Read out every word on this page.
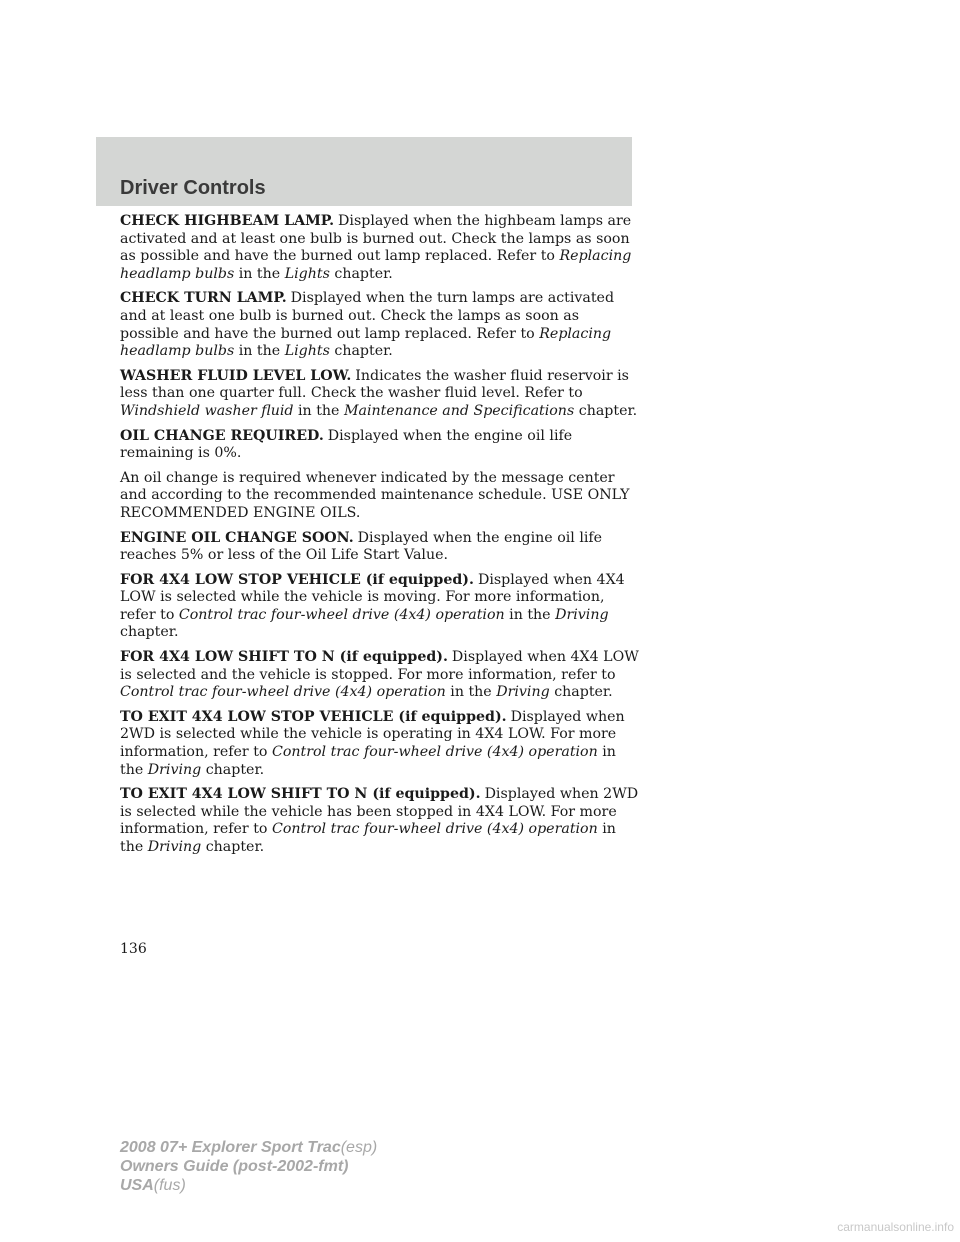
Driver Controls

CHECK HIGHBEAM LAMP. Displayed when the highbeam lamps are activated and at least one bulb is burned out. Check the lamps as soon as possible and have the burned out lamp replaced. Refer to Replacing headlamp bulbs in the Lights chapter.

CHECK TURN LAMP. Displayed when the turn lamps are activated and at least one bulb is burned out. Check the lamps as soon as possible and have the burned out lamp replaced. Refer to Replacing headlamp bulbs in the Lights chapter.

WASHER FLUID LEVEL LOW. Indicates the washer fluid reservoir is less than one quarter full. Check the washer fluid level. Refer to Windshield washer fluid in the Maintenance and Specifications chapter.

OIL CHANGE REQUIRED. Displayed when the engine oil life remaining is 0%.

An oil change is required whenever indicated by the message center and according to the recommended maintenance schedule. USE ONLY RECOMMENDED ENGINE OILS.

ENGINE OIL CHANGE SOON. Displayed when the engine oil life reaches 5% or less of the Oil Life Start Value.

FOR 4X4 LOW STOP VEHICLE (if equipped). Displayed when 4X4 LOW is selected while the vehicle is moving. For more information, refer to Control trac four-wheel drive (4x4) operation in the Driving chapter.

FOR 4X4 LOW SHIFT TO N (if equipped). Displayed when 4X4 LOW is selected and the vehicle is stopped. For more information, refer to Control trac four-wheel drive (4x4) operation in the Driving chapter.

TO EXIT 4X4 LOW STOP VEHICLE (if equipped). Displayed when 2WD is selected while the vehicle is operating in 4X4 LOW. For more information, refer to Control trac four-wheel drive (4x4) operation in the Driving chapter.

TO EXIT 4X4 LOW SHIFT TO N (if equipped). Displayed when 2WD is selected while the vehicle has been stopped in 4X4 LOW. For more information, refer to Control trac four-wheel drive (4x4) operation in the Driving chapter.

136
2008 07+ Explorer Sport Trac(esp)
Owners Guide (post-2002-fmt)
USA(fus)
carmanualsonline.info
